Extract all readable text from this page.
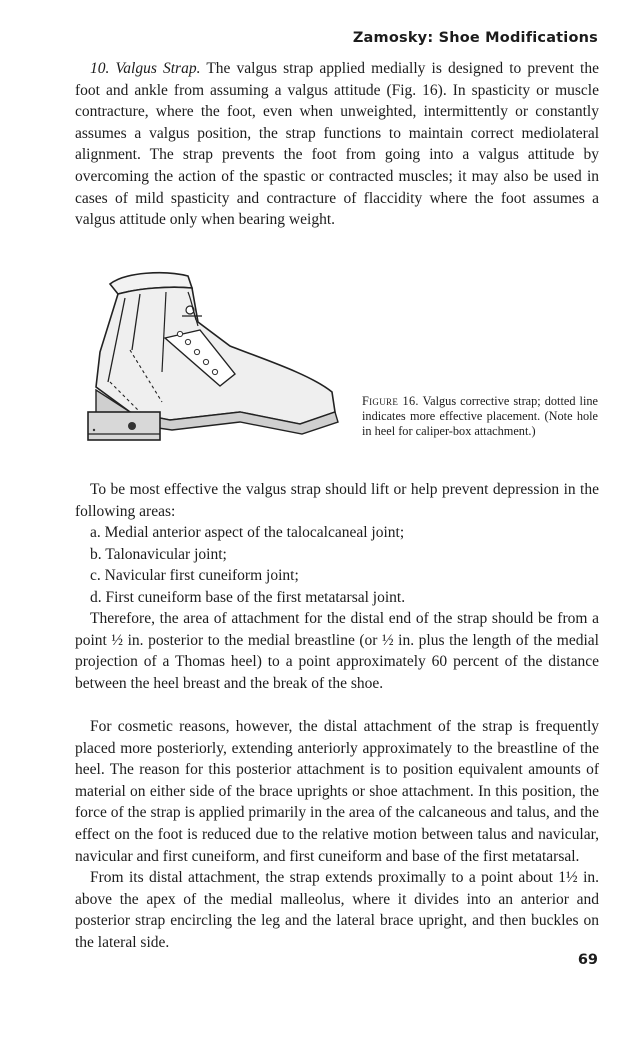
Zamosky: Shoe Modifications

10. Valgus Strap. The valgus strap applied medially is designed to prevent the foot and ankle from assuming a valgus attitude (Fig. 16). In spasticity or muscle contracture, where the foot, even when unweighted, intermittently or constantly assumes a valgus position, the strap functions to maintain correct mediolateral alignment. The strap prevents the foot from going into a valgus attitude by overcoming the action of the spastic or contracted muscles; it may also be used in cases of mild spasticity and contracture of flaccidity where the foot assumes a valgus attitude only when bearing weight.

Figure 16. Valgus corrective strap; dotted line indicates more effective placement. (Note hole in heel for caliper-box attachment.)

To be most effective the valgus strap should lift or help prevent depression in the following areas:

a. Medial anterior aspect of the talocalcaneal joint;
b. Talonavicular joint;
c. Navicular first cuneiform joint;
d. First cuneiform base of the first metatarsal joint.

Therefore, the area of attachment for the distal end of the strap should be from a point ½ in. posterior to the medial breastline (or ½ in. plus the length of the medial projection of a Thomas heel) to a point approximately 60 percent of the distance between the heel breast and the break of the shoe.

For cosmetic reasons, however, the distal attachment of the strap is frequently placed more posteriorly, extending anteriorly approximately to the breastline of the heel. The reason for this posterior attachment is to position equivalent amounts of material on either side of the brace uprights or shoe attachment. In this position, the force of the strap is applied primarily in the area of the calcaneous and talus, and the effect on the foot is reduced due to the relative motion between talus and navicular, navicular and first cuneiform, and first cuneiform and base of the first metatarsal.

From its distal attachment, the strap extends proximally to a point about 1½ in. above the apex of the medial malleolus, where it divides into an anterior and posterior strap encircling the leg and the lateral brace upright, and then buckles on the lateral side.

69
